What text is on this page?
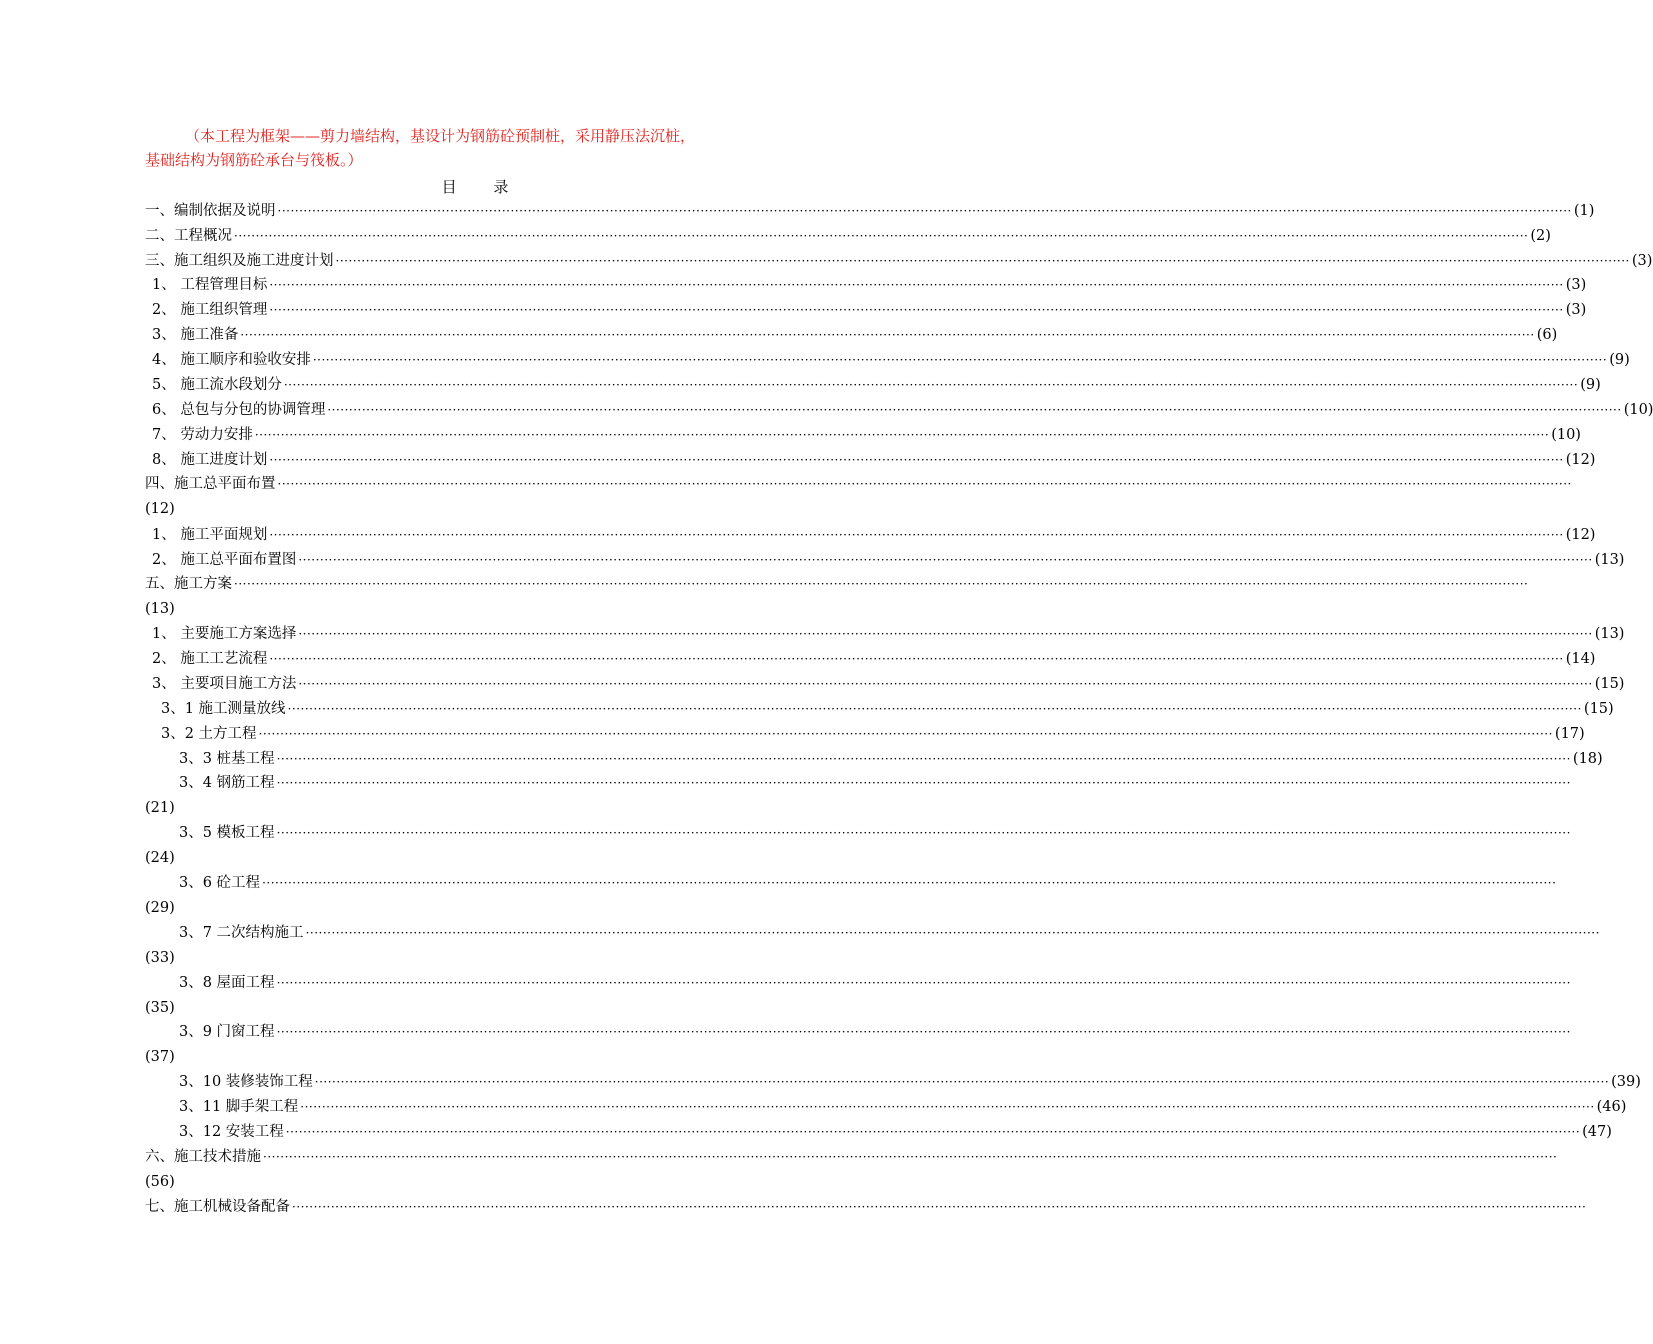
（本工程为框架——剪力墙结构，基设计为钢筋砼预制桩，采用静压法沉桩，
基础结构为钢筋砼承台与筏板。）
目 录
一、编制依据及说明 ············································································································································································································································································································ (1)
二、工程概况 ············································································································································································································································································································ (2)
三、施工组织及施工进度计划 ············································································································································································································································································································ (3)
1、 工程管理目标 ············································································································································································································································································································ (3)
2、 施工组织管理 ············································································································································································································································································································ (3)
3、 施工准备 ············································································································································································································································································································ (6)
4、 施工顺序和验收安排 ············································································································································································································································································································ (9)
5、 施工流水段划分 ············································································································································································································································································································ (9)
6、 总包与分包的协调管理 ············································································································································································································································································································ (10)
7、 劳动力安排 ············································································································································································································································································································ (10)
8、 施工进度计划 ············································································································································································································································································································ (12)
四、施工总平面布置 ············································································································································································································································································································
(12)
1、 施工平面规划 ············································································································································································································································································································ (12)
2、 施工总平面布置图 ············································································································································································································································································································ (13)
五、施工方案 ············································································································································································································································································································
(13)
1、 主要施工方案选择 ············································································································································································································································································································ (13)
2、 施工工艺流程 ············································································································································································································································································································ (14)
3、 主要项目施工方法 ············································································································································································································································································································ (15)
3、1 施工测量放线 ············································································································································································································································································································ (15)
3、2 土方工程 ············································································································································································································································································································ (17)
3、3 桩基工程 ············································································································································································································································································································ (18)
3、4 钢筋工程 ············································································································································································································································································································
(21)
3、5 模板工程 ············································································································································································································································································································
(24)
3、6 砼工程 ············································································································································································································································································································
(29)
3、7 二次结构施工 ············································································································································································································································································································
(33)
3、8 屋面工程 ············································································································································································································································································································
(35)
3、9 门窗工程 ············································································································································································································································································································
(37)
3、10 装修装饰工程 ············································································································································································································································································································ (39)
3、11 脚手架工程 ············································································································································································································································································································ (46)
3、12 安装工程 ············································································································································································································································································································ (47)
六、施工技术措施 ············································································································································································································································································································
(56)
七、施工机械设备配备 ············································································································································································································································································································
